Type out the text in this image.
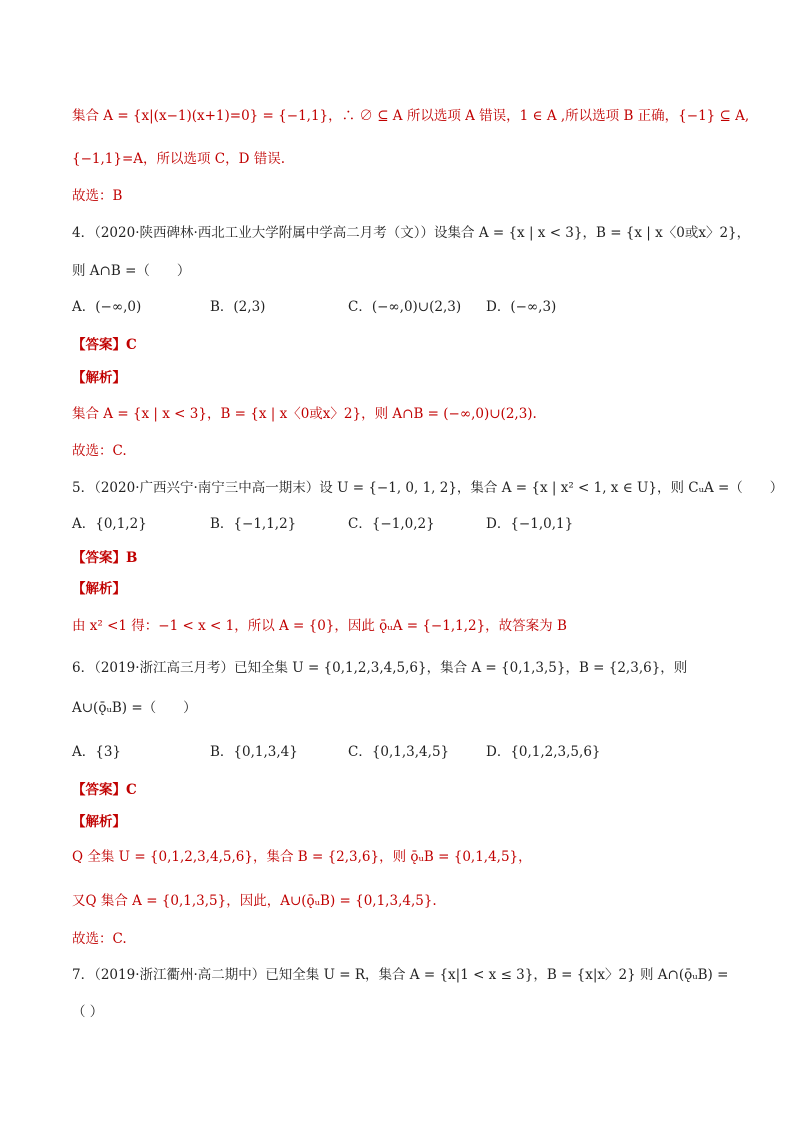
集合 A = {x|(x−1)(x+1)=0} = {−1,1}，∴ ∅ ⊆ A 所以选项 A 错误，1 ∈ A ,所以选项 B 正确，{−1} ⊆ A,
{−1,1}=A，所以选项 C，D 错误.
故选：B
4．（2020·陕西碑林·西北工业大学附属中学高二月考（文））设集合 A = {x | x < 3}，B = {x | x〈0或x〉2}，
则 A∩B =（　　）
A．(−∞,0)	B．(2,3)	C．(−∞,0)∪(2,3) D．(−∞,3)
【答案】C
【解析】
集合 A = {x | x < 3}，B = {x | x〈0或x〉2}，则 A∩B = (−∞,0)∪(2,3).
故选：C.
5．（2020·广西兴宁·南宁三中高一期末）设 U = {−1, 0, 1, 2}，集合 A = {x | x² < 1, x ∈ U}，则 CᵤA =（　　）
A．{0,1,2}	B．{−1,1,2}	C．{−1,0,2}	D．{−1,0,1}
【答案】B
【解析】
由 x² <1 得：−1 < x < 1，所以 A = {0}，因此 ǭᵤA = {−1,1,2}，故答案为 B
6．（2019·浙江高三月考）已知全集 U = {0,1,2,3,4,5,6}，集合 A = {0,1,3,5}，B = {2,3,6}，则
A∪(ǭᵤB) =（　　）
A．{3}	B．{0,1,3,4}	C．{0,1,3,4,5}	D．{0,1,2,3,5,6}
【答案】C
【解析】
Q 全集 U = {0,1,2,3,4,5,6}，集合 B = {2,3,6}，则 ǭᵤB = {0,1,4,5}，
又Q 集合 A = {0,1,3,5}，因此，A∪(ǭᵤB) = {0,1,3,4,5}.
故选：C.
7．（2019·浙江衢州·高二期中）已知全集 U = R，集合 A = {x|1 < x ≤ 3}，B = {x|x〉2} 则 A∩(ǭᵤB) =
（ ）
